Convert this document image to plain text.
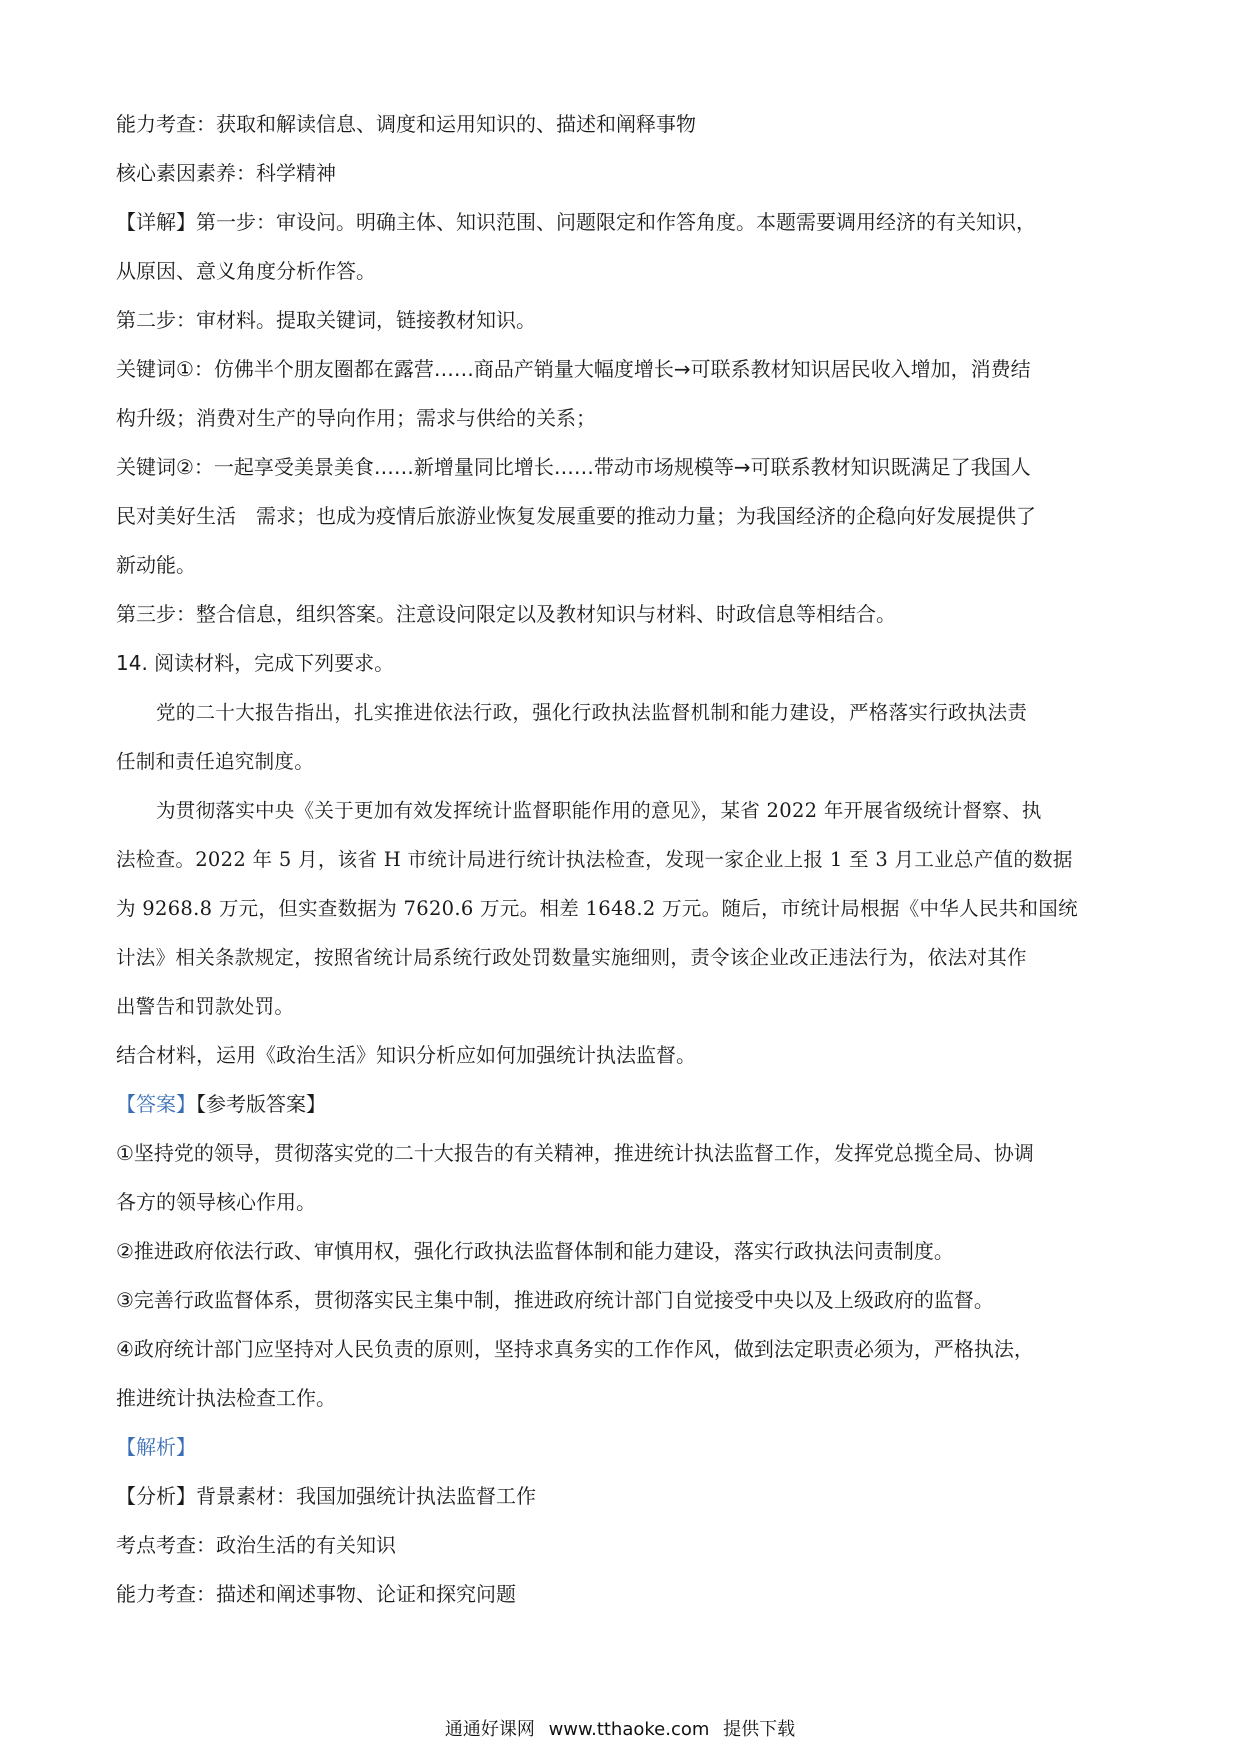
能力考查：获取和解读信息、调度和运用知识的、描述和阐释事物

核心素因素养：科学精神

【详解】第一步：审设问。明确主体、知识范围、问题限定和作答角度。本题需要调用经济的有关知识，

从原因、意义角度分析作答。

第二步：审材料。提取关键词，链接教材知识。

关键词①：仿佛半个朋友圈都在露营……商品产销量大幅度增长→可联系教材知识居民收入增加，消费结

构升级；消费对生产的导向作用；需求与供给的关系；

关键词②：一起享受美景美食……新增量同比增长……带动市场规模等→可联系教材知识既满足了我国人

民对美好生活　需求；也成为疫情后旅游业恢复发展重要的推动力量；为我国经济的企稳向好发展提供了

新动能。

第三步：整合信息，组织答案。注意设问限定以及教材知识与材料、时政信息等相结合。

14. 阅读材料，完成下列要求。

党的二十大报告指出，扎实推进依法行政，强化行政执法监督机制和能力建设，严格落实行政执法责

任制和责任追究制度。

为贯彻落实中央《关于更加有效发挥统计监督职能作用的意见》，某省 2022 年开展省级统计督察、执

法检查。2022 年 5 月，该省 H 市统计局进行统计执法检查，发现一家企业上报 1 至 3 月工业总产值的数据

为 9268.8 万元，但实查数据为 7620.6 万元。相差 1648.2 万元。随后，市统计局根据《中华人民共和国统

计法》相关条款规定，按照省统计局系统行政处罚数量实施细则，责令该企业改正违法行为，依法对其作

出警告和罚款处罚。

结合材料，运用《政治生活》知识分析应如何加强统计执法监督。

【答案】【参考版答案】

①坚持党的领导，贯彻落实党的二十大报告的有关精神，推进统计执法监督工作，发挥党总揽全局、协调

各方的领导核心作用。

②推进政府依法行政、审慎用权，强化行政执法监督体制和能力建设，落实行政执法问责制度。

③完善行政监督体系，贯彻落实民主集中制，推进政府统计部门自觉接受中央以及上级政府的监督。

④政府统计部门应坚持对人民负责的原则，坚持求真务实的工作作风，做到法定职责必须为，严格执法，

推进统计执法检查工作。

【解析】

【分析】背景素材：我国加强统计执法监督工作

考点考查：政治生活的有关知识

能力考查：描述和阐述事物、论证和探究问题

通通好课网 www.tthaoke.com 提供下载
